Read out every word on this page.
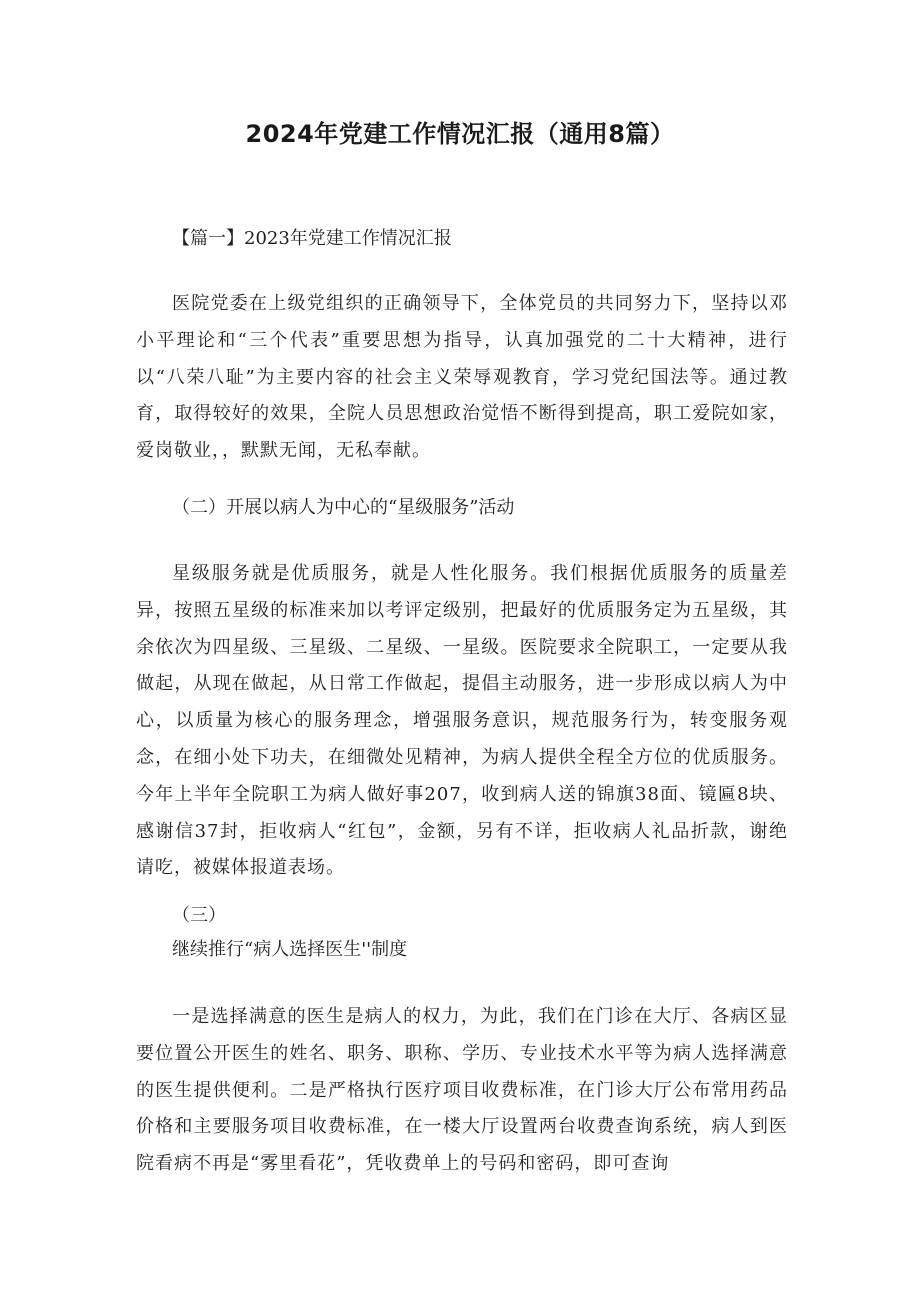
2024年党建工作情况汇报（通用8篇）
【篇一】2023年党建工作情况汇报

医院党委在上级党组织的正确领导下，全体党员的共同努力下，坚持以邓小平理论和“三个代表”重要思想为指导，认真加强党的二十大精神，进行以“八荣八耻”为主要内容的社会主义荣辱观教育，学习党纪国法等。通过教育，取得较好的效果，全院人员思想政治觉悟不断得到提高，职工爱院如家，爱岗敬业，，默默无闻，无私奉献。

（二）开展以病人为中心的“星级服务”活动

星级服务就是优质服务，就是人性化服务。我们根据优质服务的质量差异，按照五星级的标准来加以考评定级别，把最好的优质服务定为五星级，其余依次为四星级、三星级、二星级、一星级。医院要求全院职工，一定要从我做起，从现在做起，从日常工作做起，提倡主动服务，进一步形成以病人为中心，以质量为核心的服务理念，增强服务意识，规范服务行为，转变服务观念，在细小处下功夫，在细微处见精神，为病人提供全程全方位的优质服务。今年上半年全院职工为病人做好事207，收到病人送的锦旗38面、镜匾8块、感谢信37封，拒收病人“红包”，金额，另有不详，拒收病人礼品折款，谢绝请吃，被媒体报道表场。

（三）
继续推行“病人选择医生''制度

一是选择满意的医生是病人的权力，为此，我们在门诊在大厅、各病区显要位置公开医生的姓名、职务、职称、学历、专业技术水平等为病人选择满意的医生提供便利。二是严格执行医疗项目收费标准，在门诊大厅公布常用药品价格和主要服务项目收费标准，在一楼大厅设置两台收费查询系统，病人到医院看病不再是“雾里看花”，凭收费单上的号码和密码，即可查询
